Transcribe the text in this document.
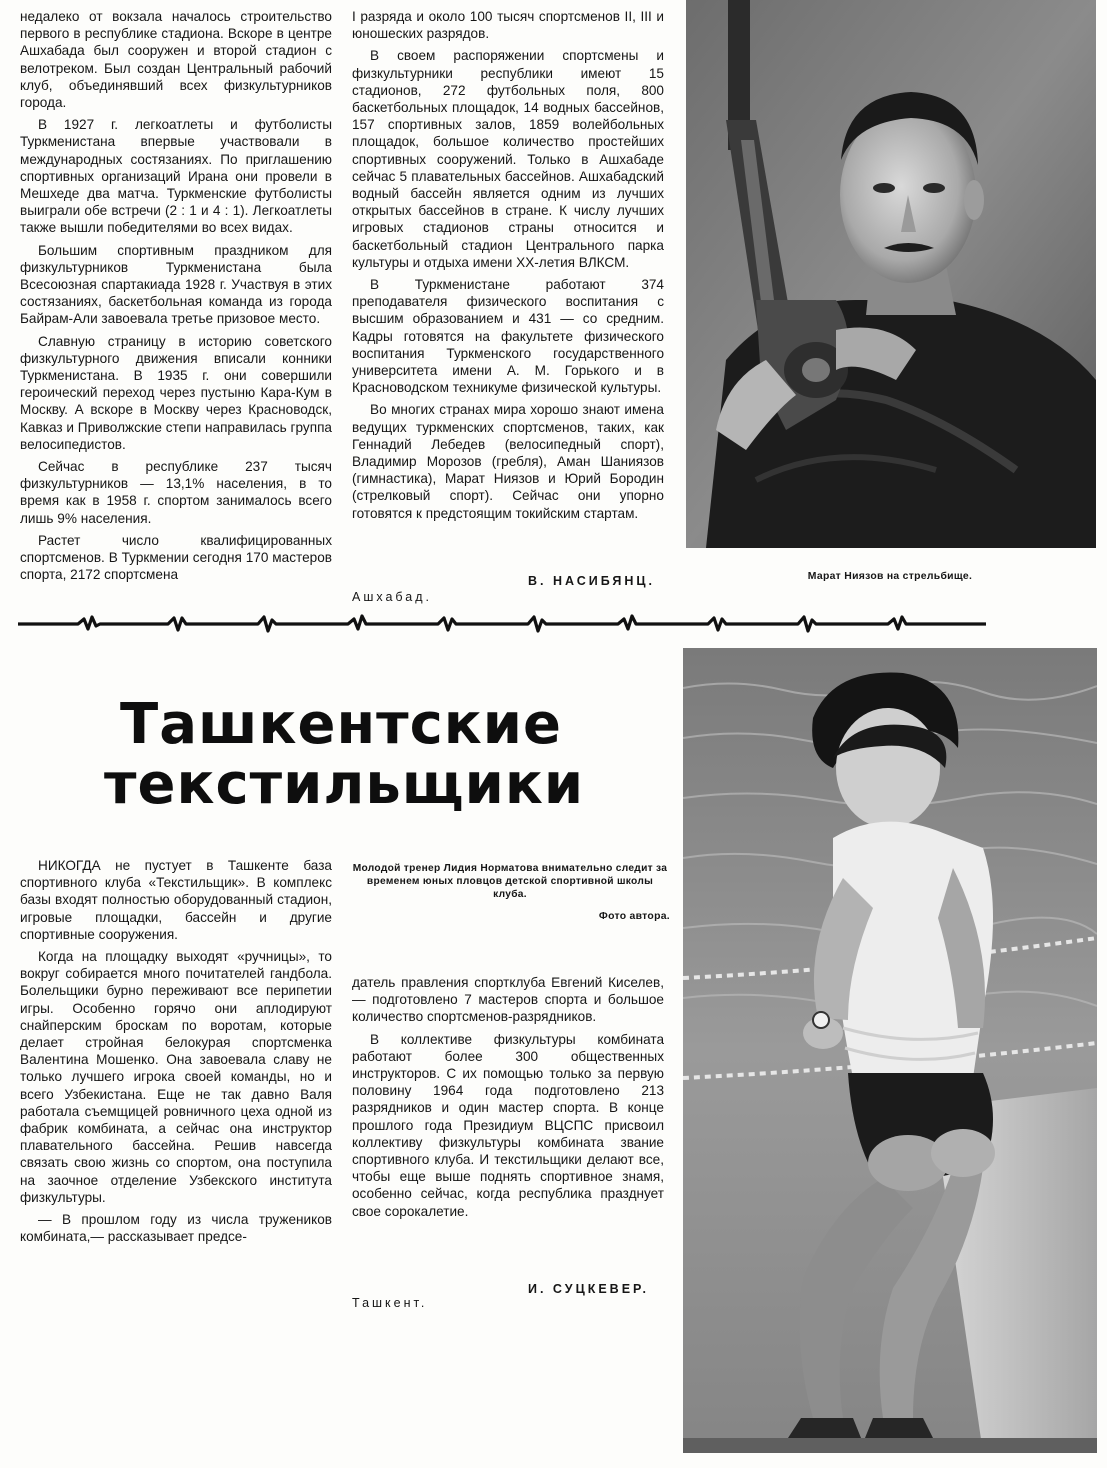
недалеко от вокзала началось строительство первого в республике стадиона. Вскоре в центре Ашхабада был сооружен и второй стадион с велотреком. Был создан Центральный рабочий клуб, объединявший всех физкультурников города.

В 1927 г. легкоатлеты и футболисты Туркменистана впервые участвовали в международных состязаниях. По приглашению спортивных организаций Ирана они провели в Мешхеде два матча. Туркменские футболисты выиграли обе встречи (2 : 1 и 4 : 1). Легкоатлеты также вышли победителями во всех видах.

Большим спортивным праздником для физкультурников Туркменистана была Всесоюзная спартакиада 1928 г. Участвуя в этих состязаниях, баскетбольная команда из города Байрам-Али завоевала третье призовое место.

Славную страницу в историю советского физкультурного движения вписали конники Туркменистана. В 1935 г. они совершили героический переход через пустыню Кара-Кум в Москву. А вскоре в Москву через Красноводск, Кавказ и Приволжские степи направилась группа велосипедистов.

Сейчас в республике 237 тысяч физкультурников — 13,1% населения, в то время как в 1958 г. спортом занималось всего лишь 9% населения.

Растет число квалифицированных спортсменов. В Туркмении сегодня 170 мастеров спорта, 2172 спортсмена

I разряда и около 100 тысяч спортсменов II, III и юношеских разрядов.

В своем распоряжении спортсмены и физкультурники республики имеют 15 стадионов, 272 футбольных поля, 800 баскетбольных площадок, 14 водных бассейнов, 157 спортивных залов, 1859 волейбольных площадок, большое количество простейших спортивных сооружений. Только в Ашхабаде сейчас 5 плавательных бассейнов. Ашхабадский водный бассейн является одним из лучших открытых бассейнов в стране. К числу лучших игровых стадионов страны относится и баскетбольный стадион Центрального парка культуры и отдыха имени XX-летия ВЛКСМ.

В Туркменистане работают 374 преподавателя физического воспитания с высшим образованием и 431 — со средним. Кадры готовятся на факультете физического воспитания Туркменского государственного университета имени А. М. Горького и в Красноводском техникуме физической культуры.

Во многих странах мира хорошо знают имена ведущих туркменских спортсменов, таких, как Геннадий Лебедев (велосипедный спорт), Владимир Морозов (гребля), Аман Шаниязов (гимнастика), Марат Ниязов и Юрий Бородин (стрелковый спорт). Сейчас они упорно готовятся к предстоящим токийским стартам.

В. НАСИБЯНЦ.
Ашхабад.
Марат Ниязов на стрельбище.
Ташкентские
текстильщики
Молодой тренер Лидия Норматова внимательно следит за временем юных пловцов детской спортивной школы клуба.
Фото автора.

НИКОГДА не пустует в Ташкенте база спортивного клуба «Текстильщик». В комплекс базы входят полностью оборудованный стадион, игровые площадки, бассейн и другие спортивные сооружения.

Когда на площадку выходят «ручницы», то вокруг собирается много почитателей гандбола. Болельщики бурно переживают все перипетии игры. Особенно горячо они аплодируют снайперским броскам по воротам, которые делает стройная белокурая спортсменка Валентина Мошенко. Она завоевала славу не только лучшего игрока своей команды, но и всего Узбекистана. Еще не так давно Валя работала съемщицей ровничного цеха одной из фабрик комбината, а сейчас она инструктор плавательного бассейна. Решив навсегда связать свою жизнь со спортом, она поступила на заочное отделение Узбекского института физкультуры.

— В прошлом году из числа тружеников комбината,— рассказывает предсе-

датель правления спортклуба Евгений Киселев,— подготовлено 7 мастеров спорта и большое количество спортсменов-разрядников.

В коллективе физкультуры комбината работают более 300 общественных инструкторов. С их помощью только за первую половину 1964 года подготовлено 213 разрядников и один мастер спорта. В конце прошлого года Президиум ВЦСПС присвоил коллективу физкультуры комбината звание спортивного клуба. И текстильщики делают все, чтобы еще выше поднять спортивное знамя, особенно сейчас, когда республика празднует свое сорокалетие.

И. СУЦКЕВЕР.
Ташкент.
